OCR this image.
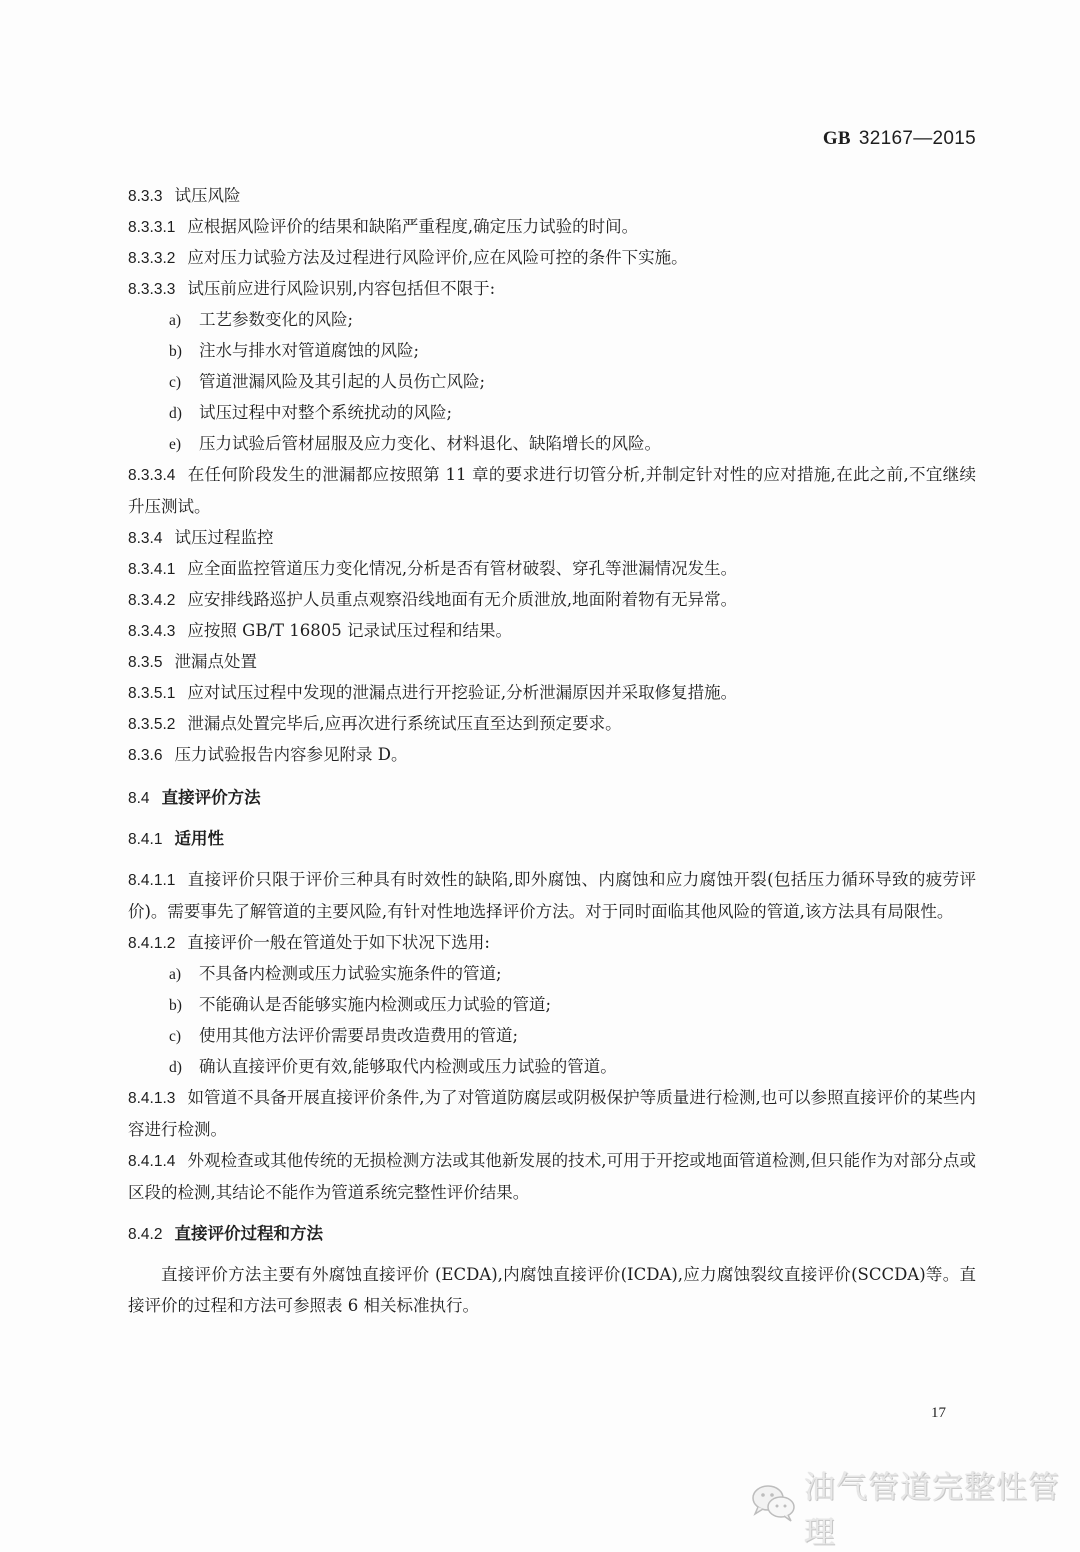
GB 32167—2015
8.3.3 试压风险
8.3.3.1 应根据风险评价的结果和缺陷严重程度,确定压力试验的时间。
8.3.3.2 应对压力试验方法及过程进行风险评价,应在风险可控的条件下实施。
8.3.3.3 试压前应进行风险识别,内容包括但不限于:
a) 工艺参数变化的风险;
b) 注水与排水对管道腐蚀的风险;
c) 管道泄漏风险及其引起的人员伤亡风险;
d) 试压过程中对整个系统扰动的风险;
e) 压力试验后管材屈服及应力变化、材料退化、缺陷增长的风险。
8.3.3.4 在任何阶段发生的泄漏都应按照第 11 章的要求进行切管分析,并制定针对性的应对措施,在此之前,不宜继续升压测试。
8.3.4 试压过程监控
8.3.4.1 应全面监控管道压力变化情况,分析是否有管材破裂、穿孔等泄漏情况发生。
8.3.4.2 应安排线路巡护人员重点观察沿线地面有无介质泄放,地面附着物有无异常。
8.3.4.3 应按照 GB/T 16805 记录试压过程和结果。
8.3.5 泄漏点处置
8.3.5.1 应对试压过程中发现的泄漏点进行开挖验证,分析泄漏原因并采取修复措施。
8.3.5.2 泄漏点处置完毕后,应再次进行系统试压直至达到预定要求。
8.3.6 压力试验报告内容参见附录 D。
8.4 直接评价方法
8.4.1 适用性
8.4.1.1 直接评价只限于评价三种具有时效性的缺陷,即外腐蚀、内腐蚀和应力腐蚀开裂(包括压力循环导致的疲劳评价)。需要事先了解管道的主要风险,有针对性地选择评价方法。对于同时面临其他风险的管道,该方法具有局限性。
8.4.1.2 直接评价一般在管道处于如下状况下选用:
a) 不具备内检测或压力试验实施条件的管道;
b) 不能确认是否能够实施内检测或压力试验的管道;
c) 使用其他方法评价需要昂贵改造费用的管道;
d) 确认直接评价更有效,能够取代内检测或压力试验的管道。
8.4.1.3 如管道不具备开展直接评价条件,为了对管道防腐层或阴极保护等质量进行检测,也可以参照直接评价的某些内容进行检测。
8.4.1.4 外观检查或其他传统的无损检测方法或其他新发展的技术,可用于开挖或地面管道检测,但只能作为对部分点或区段的检测,其结论不能作为管道系统完整性评价结果。
8.4.2 直接评价过程和方法
直接评价方法主要有外腐蚀直接评价 (ECDA),内腐蚀直接评价(ICDA),应力腐蚀裂纹直接评价(SCCDA)等。直接评价的过程和方法可参照表 6 相关标准执行。
17
油气管道完整性管理
